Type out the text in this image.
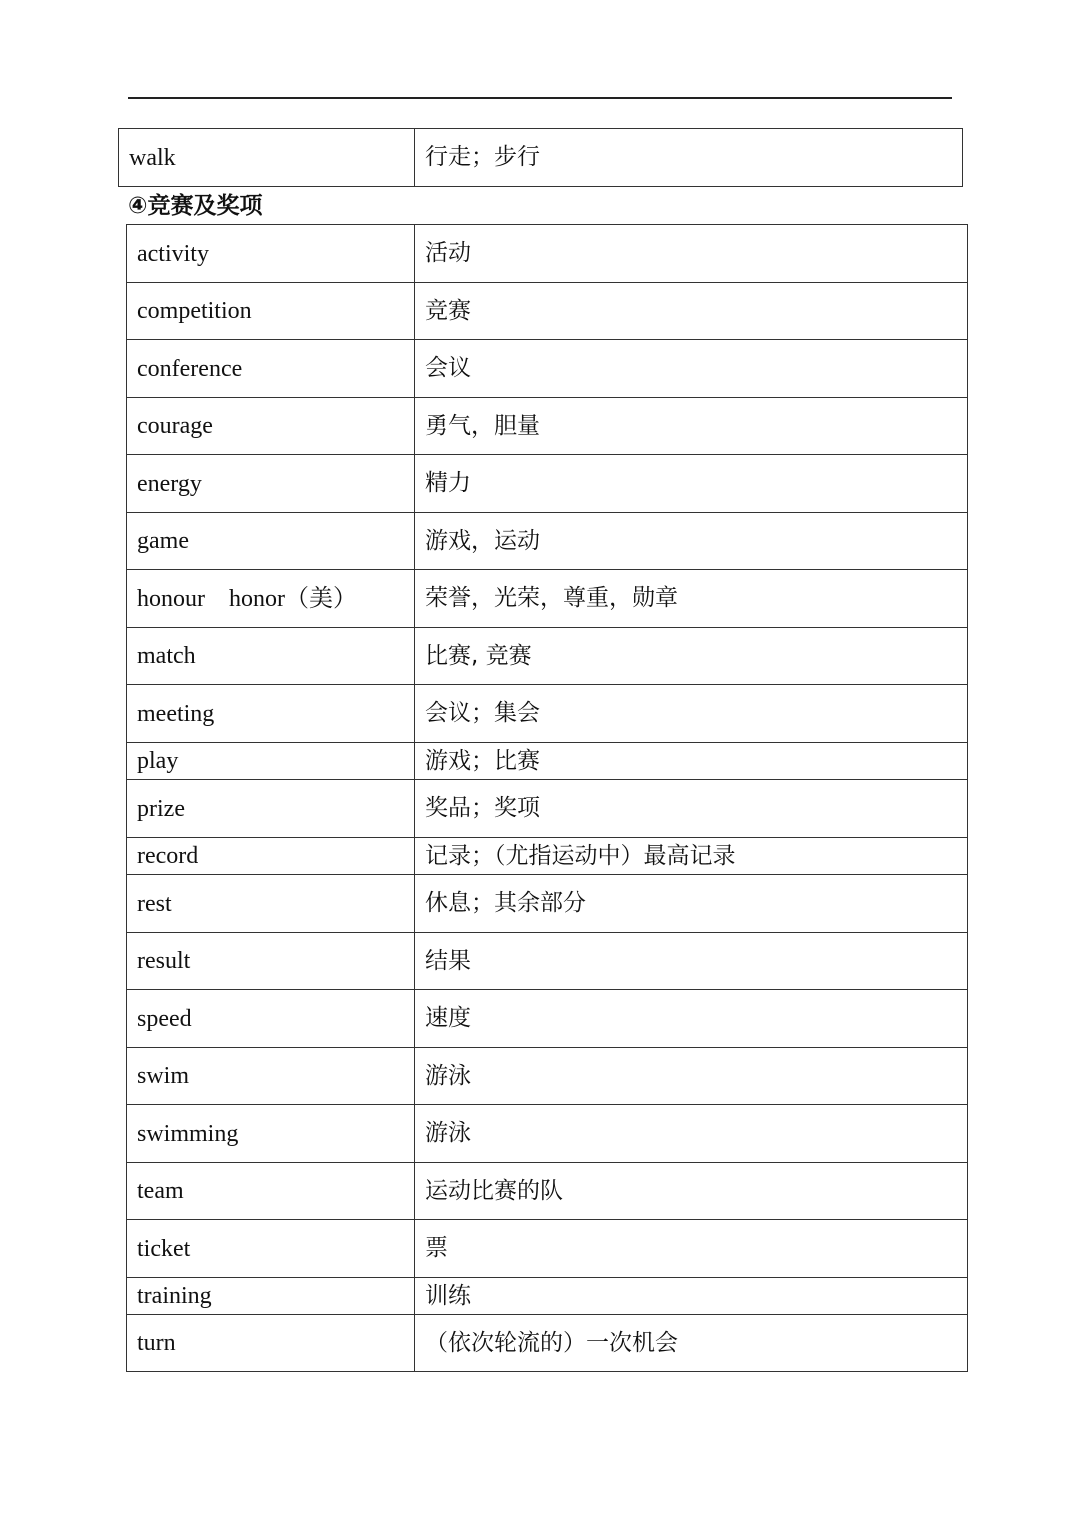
walk	行走；步行
④竞赛及奖项
activity	活动
competition	竞赛
conference	会议
courage	勇气，胆量
energy	精力
game	游戏，运动
honour　honor（美）	荣誉，光荣，尊重，勋章
match	比赛, 竞赛
meeting	会议；集会
play	游戏；比赛
prize	奖品；奖项
record	记录；（尤指运动中）最高记录
rest	休息；其余部分
result	结果
speed	速度
swim	游泳
swimming	游泳
team	运动比赛的队
ticket	票
training	训练
turn	（依次轮流的）一次机会
